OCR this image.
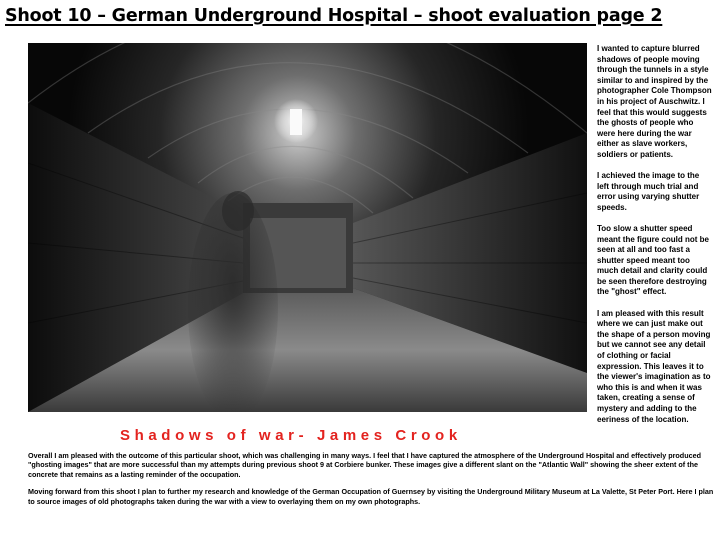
Shoot 10 – German Underground Hospital – shoot evaluation page 2

I wanted to capture blurred shadows of people moving through the tunnels in a style similar to and inspired by the photographer Cole Thompson in his project of Auschwitz. I feel that this would suggests the ghosts of people who were here during the war either as slave workers, soldiers or patients.

I achieved the image to the left through much trial and error using varying shutter speeds.

Too slow a shutter speed meant the figure could not be seen at all and too fast a shutter speed meant too much detail and clarity could be seen therefore destroying the "ghost" effect.

I am pleased with this result where we can just make out the shape of a person moving but we cannot see any detail of clothing or facial expression. This leaves it to the viewer's imagination as to who this is and when it was taken, creating a sense of mystery and adding to the eeriness of the location.

Shadows of war- James Crook

Overall I am pleased with the outcome of this particular shoot, which was challenging in many ways. I feel that I have captured the atmosphere of the Underground Hospital and effectively produced "ghosting images" that are more successful than my attempts during previous shoot 9 at Corbiere bunker. These images give a different slant on the "Atlantic Wall" showing the sheer extent of the concrete that remains as a lasting reminder of the occupation.

Moving forward from this shoot I plan to further my research and knowledge of the German Occupation of Guernsey by visiting the Underground Military Museum at La Valette, St Peter Port. Here I plan to source images of old photographs taken during the war with a view to overlaying them on my own photographs.
